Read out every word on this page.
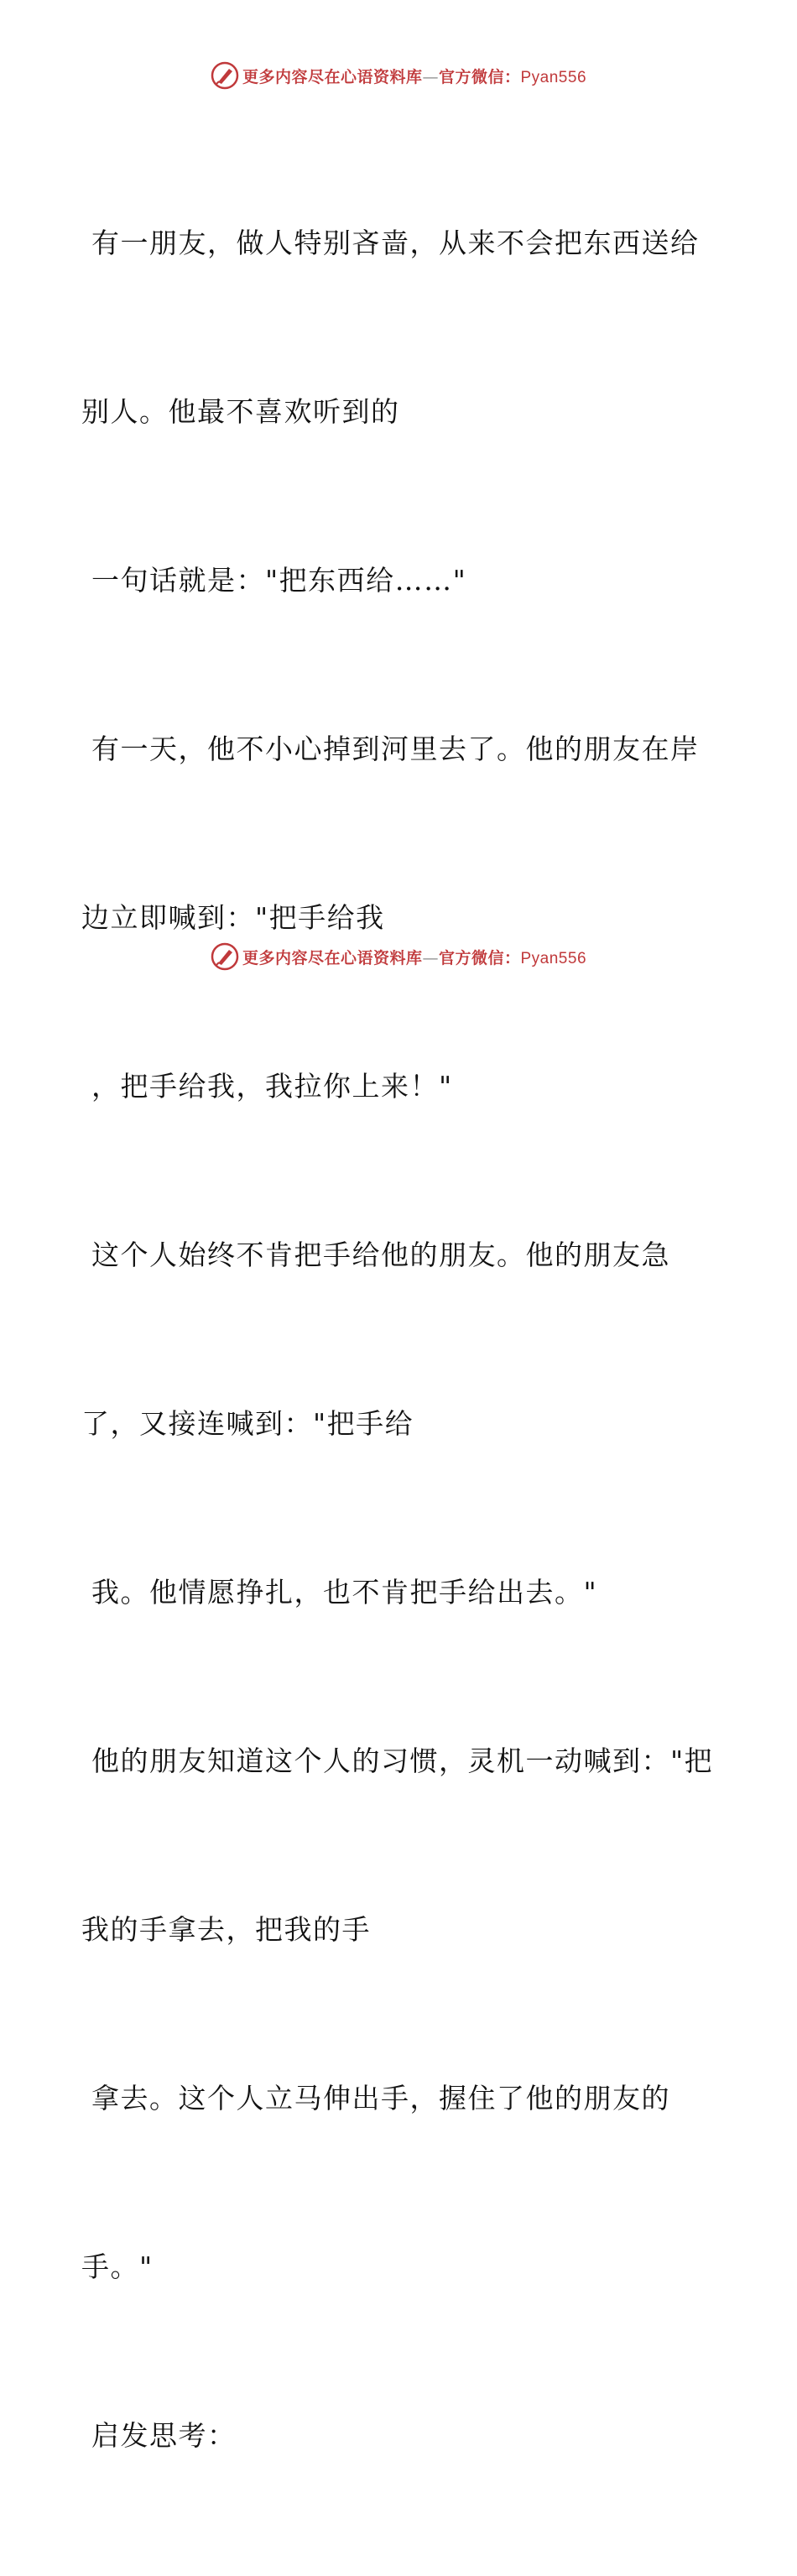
更多内容尽在心语资料库—官方微信：Pyan556

有一朋友，做人特别吝啬，从来不会把东西送给

别人。他最不喜欢听到的

一句话就是："把东西给……"

有一天，他不小心掉到河里去了。他的朋友在岸

边立即喊到："把手给我

，把手给我，我拉你上来！"

这个人始终不肯把手给他的朋友。他的朋友急

了，又接连喊到："把手给

我。他情愿挣扎，也不肯把手给出去。"

他的朋友知道这个人的习惯，灵机一动喊到："把

我的手拿去，把我的手

拿去。这个人立马伸出手，握住了他的朋友的

手。"

启发思考：

更多内容尽在心语资料库—官方微信：Pyan556
